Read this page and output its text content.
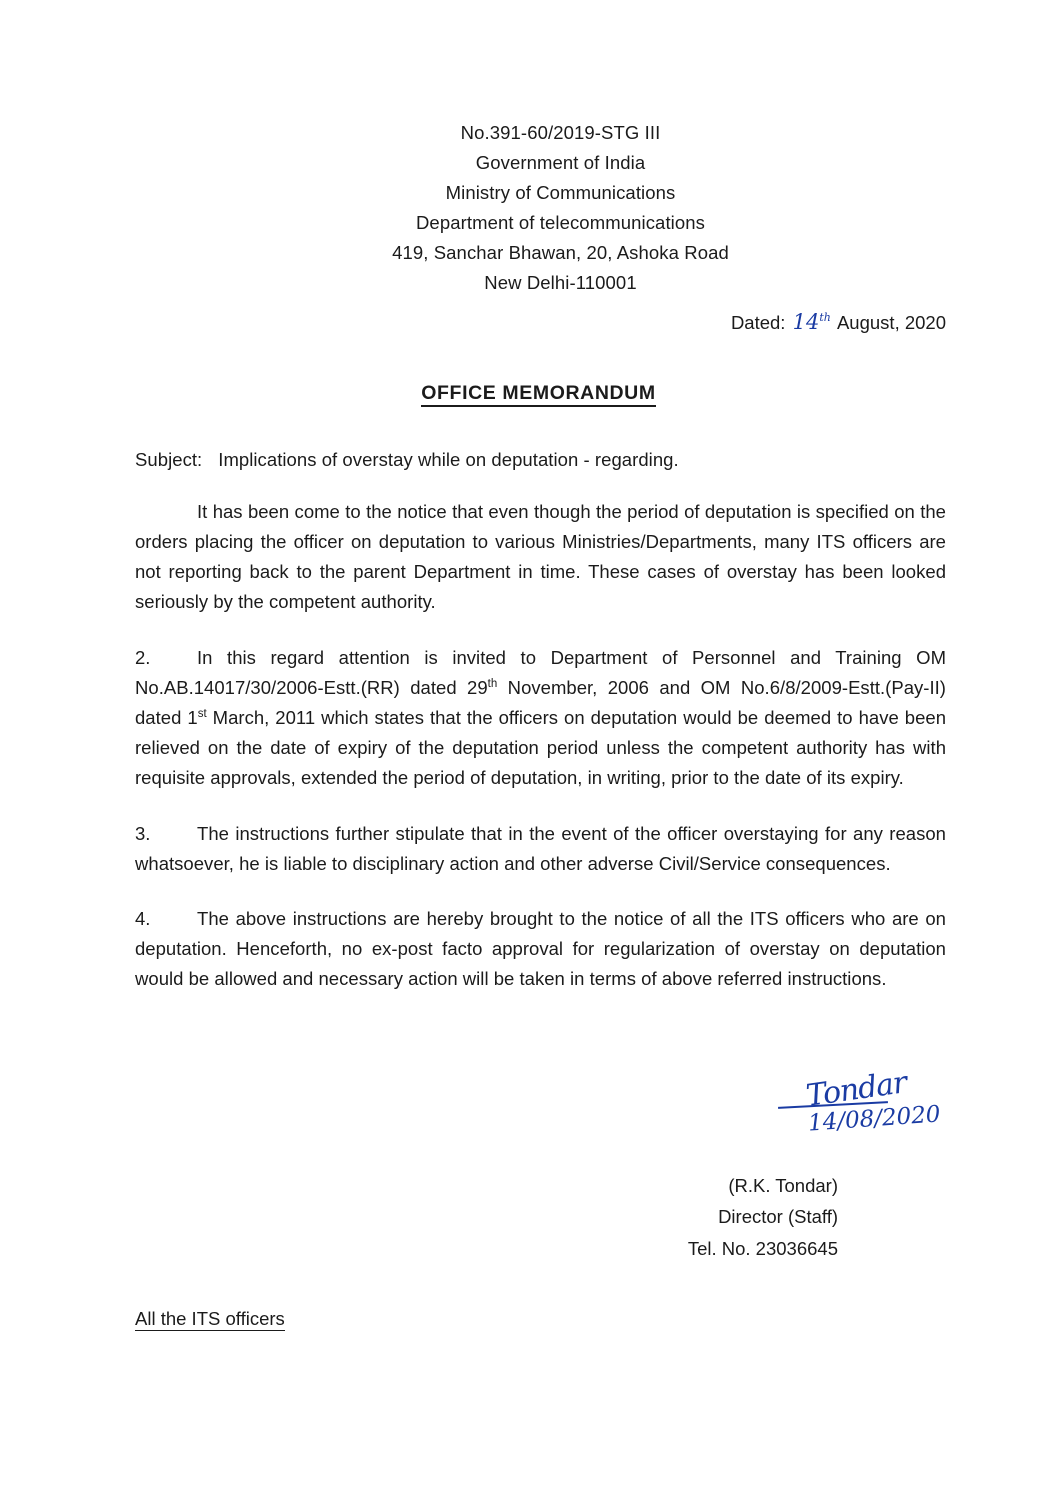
No.391-60/2019-STG III
Government of India
Ministry of Communications
Department of telecommunications
419, Sanchar Bhawan, 20, Ashoka Road
New Delhi-110001
Dated: 14th August, 2020
OFFICE MEMORANDUM
Subject: Implications of overstay while on deputation - regarding.

It has been come to the notice that even though the period of deputation is specified on the orders placing the officer on deputation to various Ministries/Departments, many ITS officers are not reporting back to the parent Department in time. These cases of overstay has been looked seriously by the competent authority.

2.	In this regard attention is invited to Department of Personnel and Training OM No.AB.14017/30/2006-Estt.(RR) dated 29th November, 2006 and OM No.6/8/2009-Estt.(Pay-II) dated 1st March, 2011 which states that the officers on deputation would be deemed to have been relieved on the date of expiry of the deputation period unless the competent authority has with requisite approvals, extended the period of deputation, in writing, prior to the date of its expiry.

3.	The instructions further stipulate that in the event of the officer overstaying for any reason whatsoever, he is liable to disciplinary action and other adverse Civil/Service consequences.

4.	The above instructions are hereby brought to the notice of all the ITS officers who are on deputation. Henceforth, no ex-post facto approval for regularization of overstay on deputation would be allowed and necessary action will be taken in terms of above referred instructions.

Tondar
14/08/2020
(R.K. Tondar)
Director (Staff)
Tel. No. 23036645
All the ITS officers
